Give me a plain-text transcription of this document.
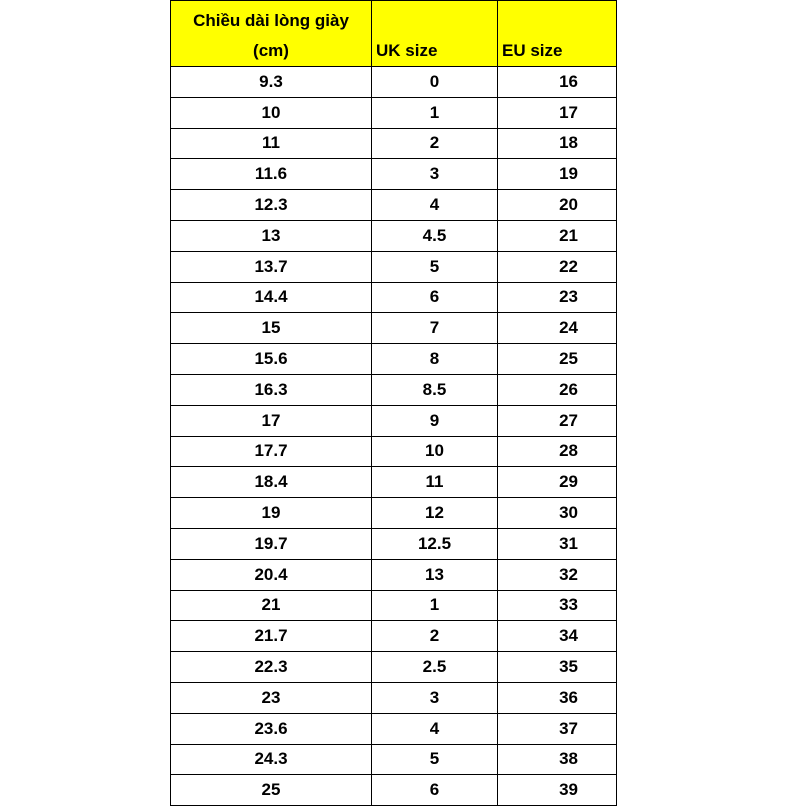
Chiều dài lòng giày
(cm)	UK size	EU size
9.3	0	16
10	1	17
11	2	18
11.6	3	19
12.3	4	20
13	4.5	21
13.7	5	22
14.4	6	23
15	7	24
15.6	8	25
16.3	8.5	26
17	9	27
17.7	10	28
18.4	11	29
19	12	30
19.7	12.5	31
20.4	13	32
21	1	33
21.7	2	34
22.3	2.5	35
23	3	36
23.6	4	37
24.3	5	38
25	6	39
